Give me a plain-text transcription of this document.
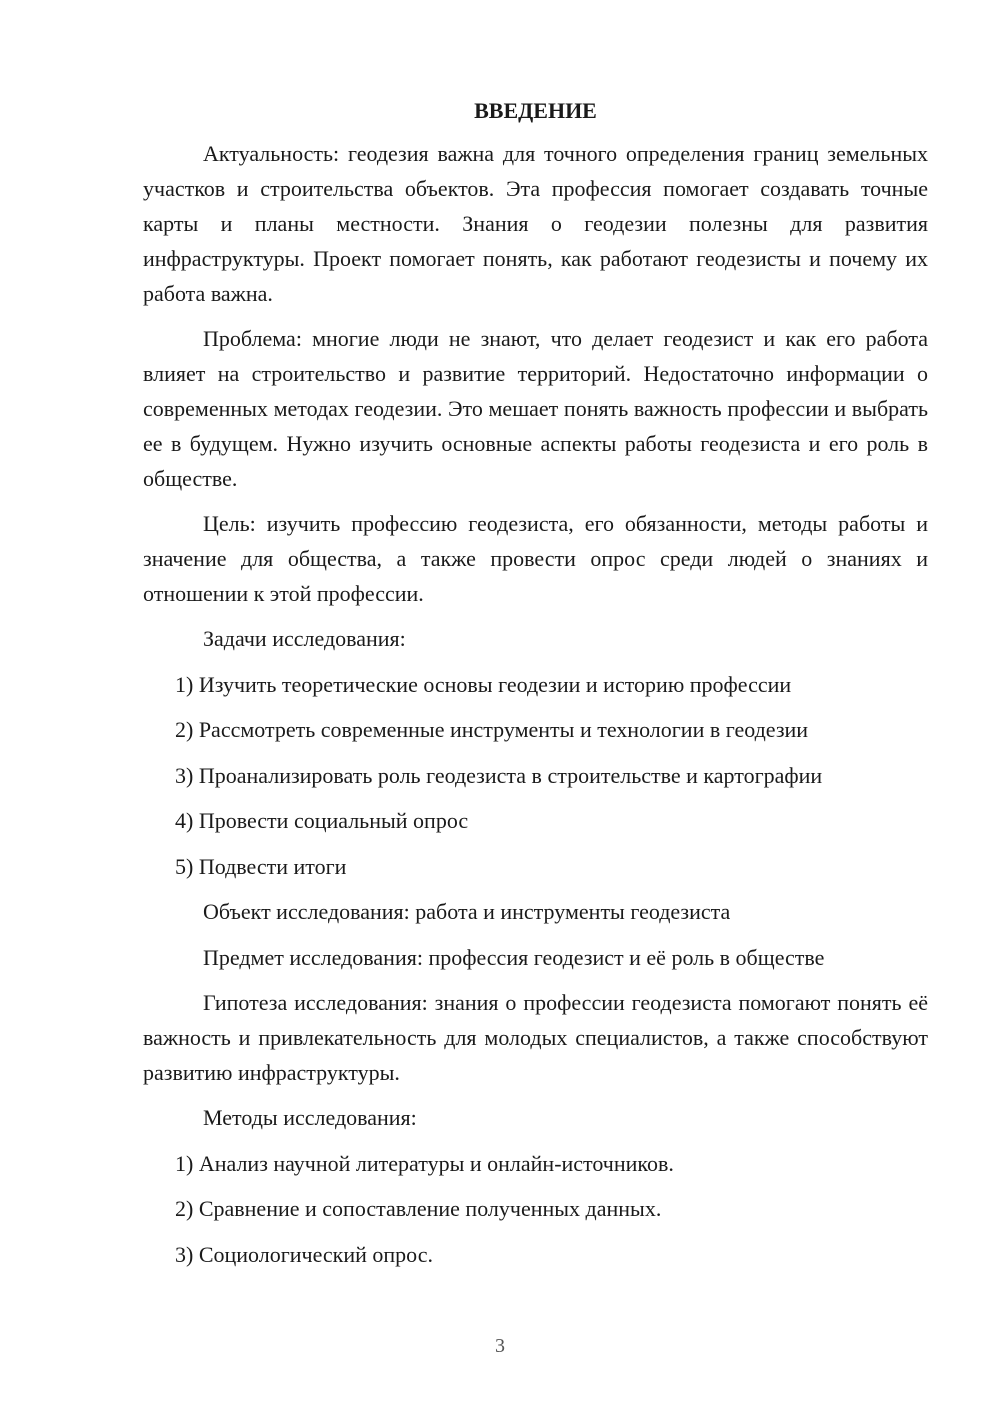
ВВЕДЕНИЕ

Актуальность: геодезия важна для точного определения границ земельных участков и строительства объектов. Эта профессия помогает создавать точные карты и планы местности. Знания о геодезии полезны для развития инфраструктуры. Проект помогает понять, как работают геодезисты и почему их работа важна.

Проблема: многие люди не знают, что делает геодезист и как его работа влияет на строительство и развитие территорий. Недостаточно информации о современных методах геодезии. Это мешает понять важность профессии и выбрать ее в будущем. Нужно изучить основные аспекты работы геодезиста и его роль в обществе.

Цель: изучить профессию геодезиста, его обязанности, методы работы и значение для общества, а также провести опрос среди людей о знаниях и отношении к этой профессии.

Задачи исследования:
1) Изучить теоретические основы геодезии и историю профессии
2) Рассмотреть современные инструменты и технологии в геодезии
3) Проанализировать роль геодезиста в строительстве и картографии
4) Провести социальный опрос
5) Подвести итоги
Объект исследования: работа и инструменты геодезиста
Предмет исследования: профессия геодезист и её роль в обществе

Гипотеза исследования: знания о профессии геодезиста помогают понять её важность и привлекательность для молодых специалистов, а также способствуют развитию инфраструктуры.

Методы исследования:
1) Анализ научной литературы и онлайн-источников.
2) Сравнение и сопоставление полученных данных.
3) Социологический опрос.
3
